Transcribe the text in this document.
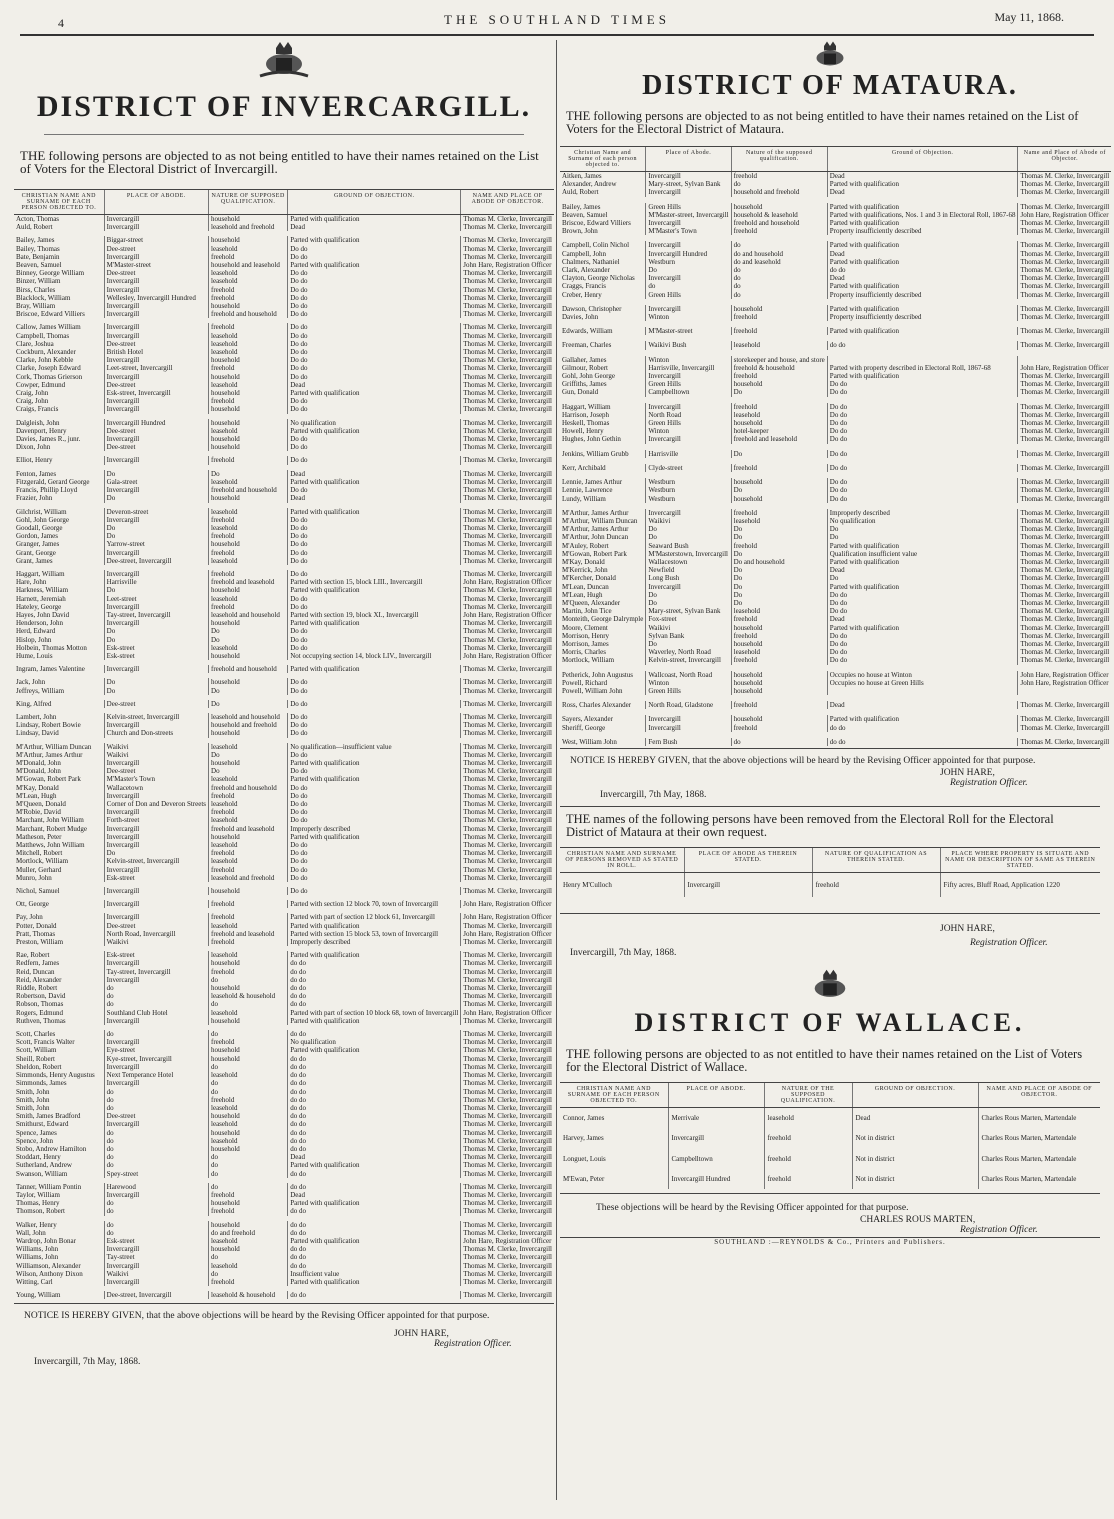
4	THE SOUTHLAND TIMES	May 11, 1868.
DISTRICT OF INVERCARGILL.
THE following persons are objected to as not being entitled to have their names retained on the List of Voters for the Electoral District of Invercargill.
CHRISTIAN NAME AND SURNAME OF EACH PERSON OBJECTED TO.	PLACE OF ABODE.	NATURE OF SUPPOSED QUALIFICATION.	GROUND OF OBJECTION.	NAME AND PLACE OF ABODE OF OBJECTOR.
Acton, Thomas	Invercargill	household	Parted with qualification	Thomas M. Clerke, Invercargill
Auld, Robert	Invercargill	leasehold and freehold	Dead	Thomas M. Clerke, Invercargill
Bailey, James	Biggar-street	household	Parted with qualification	Thomas M. Clerke, Invercargill
Bailey, Thomas	Dee-street	leasehold	Do do	Thomas M. Clerke, Invercargill
Bate, Benjamin	Invercargill	freehold	Do do	Thomas M. Clerke, Invercargill
Beaven, Samuel	M'Master-street	household and leasehold	Parted with qualification	John Hare, Registration Officer
Binney, George William	Dee-street	leasehold	Do do	Thomas M. Clerke, Invercargill
Binzer, William	Invercargill	leasehold	Do do	Thomas M. Clerke, Invercargill
Birss, Charles	Invercargill	freehold	Do do	Thomas M. Clerke, Invercargill
Blacklock, William	Wellesley, Invercargill Hundred	freehold	Do do	Thomas M. Clerke, Invercargill
Bray, William	Invercargill	household	Do do	Thomas M. Clerke, Invercargill
Briscoe, Edward Villiers	Invercargill	freehold and household	Do do	Thomas M. Clerke, Invercargill
Callow, James William	Invercargill	freehold	Do do	Thomas M. Clerke, Invercargill
Campbell, Thomas	Invercargill	leasehold	Do do	Thomas M. Clerke, Invercargill
Clare, Joshua	Dee-street	leasehold	Do do	Thomas M. Clerke, Invercargill
Cockburn, Alexander	British Hotel	leasehold	Do do	Thomas M. Clerke, Invercargill
Clarke, John Kebble	Invercargill	household	Do do	Thomas M. Clerke, Invercargill
Clarke, Joseph Edward	Leet-street, Invercargill	freehold	Do do	Thomas M. Clerke, Invercargill
Cork, Thomas Grierson	Invercargill	household	Do do	Thomas M. Clerke, Invercargill
Cowper, Edmund	Dee-street	leasehold	Dead	Thomas M. Clerke, Invercargill
Craig, John	Esk-street, Invercargill	household	Parted with qualification	Thomas M. Clerke, Invercargill
Craig, John	Invercargill	freehold	Do do	Thomas M. Clerke, Invercargill
Craigs, Francis	Invercargill	household	Do do	Thomas M. Clerke, Invercargill
Dalgleish, John	Invercargill Hundred	household	No qualification	Thomas M. Clerke, Invercargill
Davenport, Henry	Dee-street	leasehold	Parted with qualification	Thomas M. Clerke, Invercargill
Davies, James R., junr.	Invercargill	household	Do do	Thomas M. Clerke, Invercargill
Dixon, John	Dee-street	household	Do do	Thomas M. Clerke, Invercargill
Elliot, Henry	Invercargill	freehold	Do do	Thomas M. Clerke, Invercargill
Fenton, James	Do	Do	Dead	Thomas M. Clerke, Invercargill
Fitzgerald, Gerard George	Gala-street	leasehold	Parted with qualification	Thomas M. Clerke, Invercargill
Francis, Phillip Lloyd	Invercargill	freehold and household	Do do	Thomas M. Clerke, Invercargill
Frazier, John	Do	household	Dead	Thomas M. Clerke, Invercargill
Gilchrist, William	Deveron-street	leasehold	Parted with qualification	Thomas M. Clerke, Invercargill
Gohl, John George	Invercargill	freehold	Do do	Thomas M. Clerke, Invercargill
Goodall, George	Do	leasehold	Do do	Thomas M. Clerke, Invercargill
Gordon, James	Do	freehold	Do do	Thomas M. Clerke, Invercargill
Granger, James	Yarrow-street	household	Do do	Thomas M. Clerke, Invercargill
Grant, George	Invercargill	freehold	Do do	Thomas M. Clerke, Invercargill
Grant, James	Dee-street, Invercargill	leasehold	Do do	Thomas M. Clerke, Invercargill
Haggart, William	Invercargill	freehold	Do do	Thomas M. Clerke, Invercargill
Hare, John	Harrisville	freehold and leasehold	Parted with section 15, block LIII., Invercargill	John Hare, Registration Officer
Harkness, William	Do	household	Parted with qualification	Thomas M. Clerke, Invercargill
Harnett, Jeremiah	Leet-street	leasehold	Do do	Thomas M. Clerke, Invercargill
Hateley, George	Invercargill	freehold	Do do	Thomas M. Clerke, Invercargill
Hayes, John David	Tay-street, Invercargill	leasehold and household	Parted with section 19, block XI., Invercargill	John Hare, Registration Officer
Henderson, John	Invercargill	household	Parted with qualification	Thomas M. Clerke, Invercargill
Herd, Edward	Do	Do	Do do	Thomas M. Clerke, Invercargill
Hislop, John	Do	Do	Do do	Thomas M. Clerke, Invercargill
Holbein, Thomas Motton	Esk-street	leasehold	Do do	Thomas M. Clerke, Invercargill
Hume, Louis	Esk-street	household	Not occupying section 14, block LIV., Invercargill	John Hare, Registration Officer
Ingram, James Valentine	Invercargill	freehold and household	Parted with qualification	Thomas M. Clerke, Invercargill
Jack, John	Do	household	Do do	Thomas M. Clerke, Invercargill
Jeffreys, William	Do	Do	Do do	Thomas M. Clerke, Invercargill
King, Alfred	Dee-street	Do	Do do	Thomas M. Clerke, Invercargill
Lambert, John	Kelvin-street, Invercargill	leasehold and household	Do do	Thomas M. Clerke, Invercargill
Lindsay, Robert Bowie	Invercargill	household and freehold	Do do	Thomas M. Clerke, Invercargill
Lindsay, David	Church and Don-streets	household	Do do	Thomas M. Clerke, Invercargill
M'Arthur, William Duncan	Waikivi	leasehold	No qualification—insufficient value	Thomas M. Clerke, Invercargill
M'Arthur, James Arthur	Waikivi	Do	Do do	Thomas M. Clerke, Invercargill
M'Donald, John	Invercargill	household	Parted with qualification	Thomas M. Clerke, Invercargill
M'Donald, John	Dee-street	Do	Do do	Thomas M. Clerke, Invercargill
M'Gowan, Robert Park	M'Master's Town	leasehold	Parted with qualification	Thomas M. Clerke, Invercargill
M'Kay, Donald	Wallacetown	freehold and household	Do do	Thomas M. Clerke, Invercargill
M'Lean, Hugh	Invercargill	freehold	Do do	Thomas M. Clerke, Invercargill
M'Queen, Donald	Corner of Don and Deveron Streets	leasehold	Do do	Thomas M. Clerke, Invercargill
M'Robie, David	Invercargill	freehold	Do do	Thomas M. Clerke, Invercargill
Marchant, John William	Forth-street	leasehold	Do do	Thomas M. Clerke, Invercargill
Marchant, Robert Mudge	Invercargill	freehold and leasehold	Improperly described	Thomas M. Clerke, Invercargill
Matheson, Peter	Invercargill	household	Parted with qualification	Thomas M. Clerke, Invercargill
Matthews, John William	Invercargill	leasehold	Do do	Thomas M. Clerke, Invercargill
Mitchell, Robert	Do	freehold	Do do	Thomas M. Clerke, Invercargill
Mortlock, William	Kelvin-street, Invercargill	leasehold	Do do	Thomas M. Clerke, Invercargill
Muller, Gerhard	Invercargill	freehold	Do do	Thomas M. Clerke, Invercargill
Munro, John	Esk-street	leasehold and freehold	Do do	Thomas M. Clerke, Invercargill
Nichol, Samuel	Invercargill	household	Do do	Thomas M. Clerke, Invercargill
Ott, George	Invercargill	freehold	Parted with section 12 block 70, town of Invercargill	John Hare, Registration Officer
Pay, John	Invercargill	freehold	Parted with part of section 12 block 61, Invercargill	John Hare, Registration Officer
Potter, Donald	Dee-street	leasehold	Parted with qualification	Thomas M. Clerke, Invercargill
Pratt, Thomas	North Road, Invercargill	freehold and leasehold	Parted with section 15 block 53, town of Invercargill	John Hare, Registration Officer
Preston, William	Waikivi	freehold	Improperly described	Thomas M. Clerke, Invercargill
Rae, Robert	Esk-street	leasehold	Parted with qualification	Thomas M. Clerke, Invercargill
Redfern, James	Invercargill	household	do do	Thomas M. Clerke, Invercargill
Reid, Duncan	Tay-street, Invercargill	freehold	do do	Thomas M. Clerke, Invercargill
Reid, Alexander	Invercargill	do	do do	Thomas M. Clerke, Invercargill
Riddle, Robert	do	household	do do	Thomas M. Clerke, Invercargill
Robertson, David	do	leasehold & household	do do	Thomas M. Clerke, Invercargill
Robson, Thomas	do	do	do do	Thomas M. Clerke, Invercargill
Rogers, Edmund	Southland Club Hotel	leasehold	Parted with part of section 10 block 68, town of Invercargill	John Hare, Registration Officer
Ruthven, Thomas	Invercargill	household	Parted with qualification	Thomas M. Clerke, Invercargill
Scott, Charles	do	do	do do	Thomas M. Clerke, Invercargill
Scott, Francis Walter	Invercargill	freehold	No qualification	Thomas M. Clerke, Invercargill
Scott, William	Eye-street	household	Parted with qualification	Thomas M. Clerke, Invercargill
Sheill, Robert	Kye-street, Invercargill	household	do do	Thomas M. Clerke, Invercargill
Sheldon, Robert	Invercargill	do	do do	Thomas M. Clerke, Invercargill
Simmonds, Henry Augustus	Next Temperance Hotel	leasehold	do do	Thomas M. Clerke, Invercargill
Simmonds, James	Invercargill	do	do do	Thomas M. Clerke, Invercargill
Smith, John	do	do	do do	Thomas M. Clerke, Invercargill
Smith, John	do	freehold	do do	Thomas M. Clerke, Invercargill
Smith, John	do	leasehold	do do	Thomas M. Clerke, Invercargill
Smith, James Bradford	Dee-street	household	do do	Thomas M. Clerke, Invercargill
Smithurst, Edward	Invercargill	leasehold	do do	Thomas M. Clerke, Invercargill
Spence, James	do	household	do do	Thomas M. Clerke, Invercargill
Spence, John	do	leasehold	do do	Thomas M. Clerke, Invercargill
Stobo, Andrew Hamilton	do	household	do do	Thomas M. Clerke, Invercargill
Stoddart, Henry	do	do	Dead	Thomas M. Clerke, Invercargill
Sutherland, Andrew	do	do	Parted with qualification	Thomas M. Clerke, Invercargill
Swanson, William	Spey-street	do	do do	Thomas M. Clerke, Invercargill
Tanner, William Pontin	Harewood	do	do do	Thomas M. Clerke, Invercargill
Taylor, William	Invercargill	freehold	Dead	Thomas M. Clerke, Invercargill
Thomas, Henry	do	household	Parted with qualification	Thomas M. Clerke, Invercargill
Thomson, Robert	do	freehold	do do	Thomas M. Clerke, Invercargill
Walker, Henry	do	household	do do	Thomas M. Clerke, Invercargill
Wall, John	do	do and freehold	do do	Thomas M. Clerke, Invercargill
Wardrop, John Bonar	Esk-street	leasehold	Parted with qualification	John Hare, Registration Officer
Williams, John	Invercargill	household	do do	Thomas M. Clerke, Invercargill
Williams, John	Tay-street	do	do do	Thomas M. Clerke, Invercargill
Williamson, Alexander	Invercargill	leasehold	do do	Thomas M. Clerke, Invercargill
Wilson, Anthony Dixon	Waikivi	do	Insufficient value	Thomas M. Clerke, Invercargill
Witting, Carl	Invercargill	freehold	Parted with qualification	Thomas M. Clerke, Invercargill
Young, William	Dee-street, Invercargill	leasehold & household	do do	Thomas M. Clerke, Invercargill
NOTICE IS HEREBY GIVEN, that the above objections will be heard by the Revising Officer appointed for that purpose.
JOHN HARE,
Registration Officer.
Invercargill, 7th May, 1868.
DISTRICT OF MATAURA.
THE following persons are objected to as not being entitled to have their names retained on the List of Voters for the Electoral District of Mataura.
Christian Name and Surname of each person objected to.	Place of Abode.	Nature of the supposed qualification.	Ground of Objection.	Name and Place of Abode of Objector.
Aitken, James	Invercargill	freehold	Dead	Thomas M. Clerke, Invercargill
Alexander, Andrew	Mary-street, Sylvan Bank	do	Parted with qualification	Thomas M. Clerke, Invercargill
Auld, Robert	Invercargill	household and freehold	Dead	Thomas M. Clerke, Invercargill
Bailey, James	Green Hills	household	Parted with qualification	Thomas M. Clerke, Invercargill
Beaven, Samuel	M'Master-street, Invercargill	household & leasehold	Parted with qualifications, Nos. 1 and 3 in Electoral Roll, 1867-68	John Hare, Registration Officer
Briscoe, Edward Villiers	Invercargill	freehold and household	Parted with qualification	Thomas M. Clerke, Invercargill
Brown, John	M'Master's Town	freehold	Property insufficiently described	Thomas M. Clerke, Invercargill
Campbell, Colin Nichol	Invercargill	do	Parted with qualification	Thomas M. Clerke, Invercargill
Campbell, John	Invercargill Hundred	do and household	Dead	Thomas M. Clerke, Invercargill
Chalmers, Nathaniel	Westburn	do and leasehold	Parted with qualification	Thomas M. Clerke, Invercargill
Clark, Alexander	Do	do	do do	Thomas M. Clerke, Invercargill
Clayton, George Nicholas	Invercargill	do	Dead	Thomas M. Clerke, Invercargill
Craggs, Francis	do	do	Parted with qualification	Thomas M. Clerke, Invercargill
Creber, Henry	Green Hills	do	Property insufficiently described	Thomas M. Clerke, Invercargill
Dawson, Christopher	Invercargill	household	Parted with qualification	Thomas M. Clerke, Invercargill
Davies, John	Winton	freehold	Property insufficiently described	Thomas M. Clerke, Invercargill
Edwards, William	M'Master-street	freehold	Parted with qualification	Thomas M. Clerke, Invercargill
Freeman, Charles	Waikivi Bush	leasehold	do do	Thomas M. Clerke, Invercargill
Gallaher, James	Winton	storekeeper and house, and store		
Gilmour, Robert	Harrisville, Invercargill	freehold & household	Parted with property described in Electoral Roll, 1867-68	John Hare, Registration Officer
Gohl, John George	Invercargill	freehold	Parted with qualification	Thomas M. Clerke, Invercargill
Griffiths, James	Green Hills	household	Do do	Thomas M. Clerke, Invercargill
Gun, Donald	Campbelltown	Do	Do do	Thomas M. Clerke, Invercargill
Haggart, William	Invercargill	freehold	Do do	Thomas M. Clerke, Invercargill
Harrison, Joseph	North Road	leasehold	Do do	Thomas M. Clerke, Invercargill
Heskell, Thomas	Green Hills	household	Do do	Thomas M. Clerke, Invercargill
Howell, Henry	Winton	hotel-keeper	Do do	Thomas M. Clerke, Invercargill
Hughes, John Gethin	Invercargill	freehold and leasehold	Do do	Thomas M. Clerke, Invercargill
Jenkins, William Grubb	Harrisville	Do	Do do	Thomas M. Clerke, Invercargill
Kerr, Archibald	Clyde-street	freehold	Do do	Thomas M. Clerke, Invercargill
Lennie, James Arthur	Westburn	household	Do do	Thomas M. Clerke, Invercargill
Lennie, Lawrence	Westburn	Do	Do do	Thomas M. Clerke, Invercargill
Lundy, William	Westburn	household	Do do	Thomas M. Clerke, Invercargill
M'Arthur, James Arthur	Invercargill	freehold	Improperly described	Thomas M. Clerke, Invercargill
M'Arthur, William Duncan	Waikivi	leasehold	No qualification	Thomas M. Clerke, Invercargill
M'Arthur, James Arthur	Do	Do	Do	Thomas M. Clerke, Invercargill
M'Arthur, John Duncan	Do	Do	Do	Thomas M. Clerke, Invercargill
M'Auley, Robert	Seaward Bush	freehold	Parted with qualification	Thomas M. Clerke, Invercargill
M'Gowan, Robert Park	M'Masterstown, Invercargill	Do	Qualification insufficient value	Thomas M. Clerke, Invercargill
M'Kay, Donald	Wallacestown	Do and household	Parted with qualification	Thomas M. Clerke, Invercargill
M'Kerrick, John	Newfield	Do	Dead	Thomas M. Clerke, Invercargill
M'Kercher, Donald	Long Bush	Do	Do	Thomas M. Clerke, Invercargill
M'Lean, Duncan	Invercargill	Do	Parted with qualification	Thomas M. Clerke, Invercargill
M'Lean, Hugh	Do	Do	Do do	Thomas M. Clerke, Invercargill
M'Queen, Alexander	Do	Do	Do do	Thomas M. Clerke, Invercargill
Martin, John Tice	Mary-street, Sylvan Bank	leasehold	Do do	Thomas M. Clerke, Invercargill
Monteith, George Dalrymple	Fox-street	freehold	Dead	Thomas M. Clerke, Invercargill
Moore, Clement	Waikivi	household	Parted with qualification	Thomas M. Clerke, Invercargill
Morrison, Henry	Sylvan Bank	freehold	Do do	Thomas M. Clerke, Invercargill
Morrison, James	Do	household	Do do	Thomas M. Clerke, Invercargill
Morris, Charles	Waverley, North Road	leasehold	Do do	Thomas M. Clerke, Invercargill
Mortlock, William	Kelvin-street, Invercargill	freehold	Do do	Thomas M. Clerke, Invercargill
Petherick, John Augustus	Wallcoast, North Road	household	Occupies no house at Winton	John Hare, Registration Officer
Powell, Richard	Winton	household	Occupies no house at Green Hills	John Hare, Registration Officer
Powell, William John	Green Hills	household		
Ross, Charles Alexander	North Road, Gladstone	freehold	Dead	Thomas M. Clerke, Invercargill
Sayers, Alexander	Invercargill	household	Parted with qualification	Thomas M. Clerke, Invercargill
Sheriff, George	Invercargill	freehold	do do	Thomas M. Clerke, Invercargill
West, William John	Fern Bush	do	do do	Thomas M. Clerke, Invercargill
NOTICE IS HEREBY GIVEN, that the above objections will be heard by the Revising Officer appointed for that purpose.
JOHN HARE,
Registration Officer.
Invercargill, 7th May, 1868.
THE names of the following persons have been removed from the Electoral Roll for the Electoral District of Mataura at their own request.
CHRISTIAN NAME AND SURNAME OF PERSONS REMOVED AS STATED IN ROLL.	PLACE OF ABODE AS THEREIN STATED.	NATURE OF QUALIFICATION AS THEREIN STATED.	PLACE WHERE PROPERTY IS SITUATE AND NAME OR DESCRIPTION OF SAME AS THEREIN STATED.
Henry M'Culloch	Invercargill	freehold	Fifty acres, Bluff Road, Application 1220
JOHN HARE,
Registration Officer.
Invercargill, 7th May, 1868.
DISTRICT OF WALLACE.
THE following persons are objected to as not entitled to have their names retained on the List of Voters for the Electoral District of Wallace.
CHRISTIAN NAME AND SURNAME OF EACH PERSON OBJECTED TO.	PLACE OF ABODE.	NATURE OF THE SUPPOSED QUALIFICATION.	GROUND OF OBJECTION.	NAME AND PLACE OF ABODE OF OBJECTOR.
Connor, James	Merrivale	leasehold	Dead	Charles Rous Marten, Martendale
Harvey, James	Invercargill	freehold	Not in district	Charles Rous Marten, Martendale
Longuet, Louis	Campbelltown	freehold	Not in district	Charles Rous Marten, Martendale
M'Ewan, Peter	Invercargill Hundred	freehold	Not in district	Charles Rous Marten, Martendale
These objections will be heard by the Revising Officer appointed for that purpose.
CHARLES ROUS MARTEN,
Registration Officer.
SOUTHLAND :—REYNOLDS & Co., Printers and Publishers.
